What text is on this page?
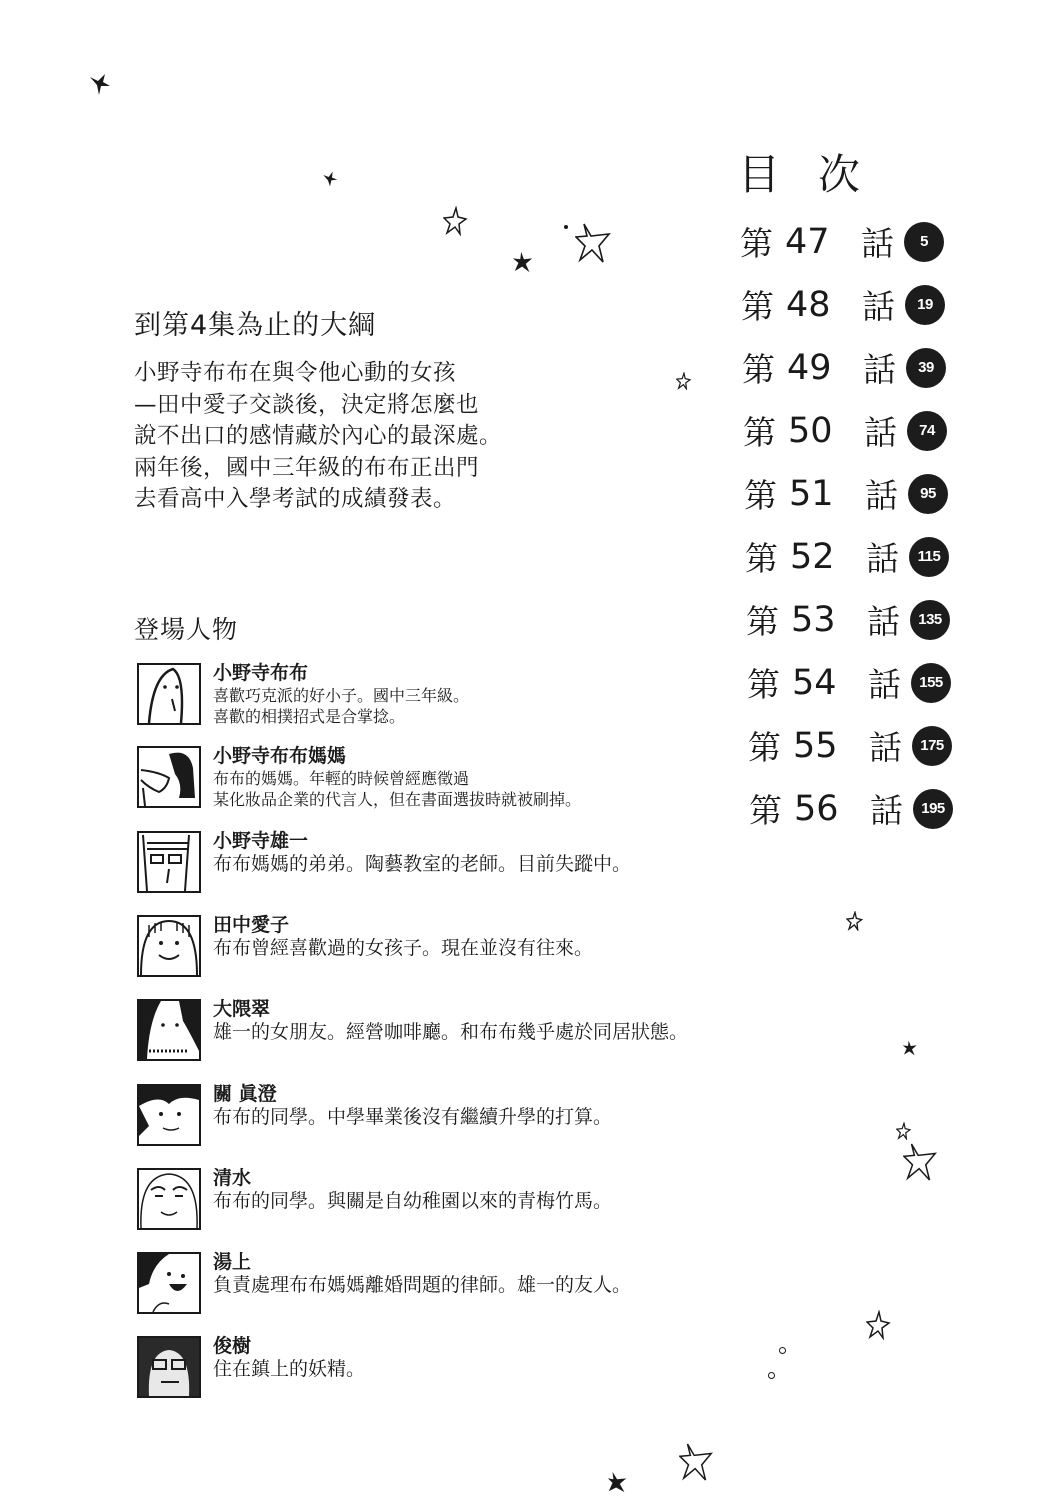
到第4集為止的大綱
小野寺布布在與令他心動的女孩
—田中愛子交談後，決定將怎麼也
說不出口的感情藏於內心的最深處。
兩年後，國中三年級的布布正出門
去看高中入學考試的成績發表。
登場人物
小野寺布布
喜歡巧克派的好小子。國中三年級。
喜歡的相撲招式是合掌捻。
小野寺布布媽媽
布布的媽媽。年輕的時候曾經應徵過
某化妝品企業的代言人，但在書面選拔時就被刷掉。
小野寺雄一
布布媽媽的弟弟。陶藝教室的老師。目前失蹤中。
田中愛子
布布曾經喜歡過的女孩子。現在並沒有往來。
大隈翠
雄一的女朋友。經營咖啡廳。和布布幾乎處於同居狀態。
關 眞澄
布布的同學。中學畢業後沒有繼續升學的打算。
清水
布布的同學。與關是自幼稚園以來的青梅竹馬。
湯上
負責處理布布媽媽離婚問題的律師。雄一的友人。
俊樹
住在鎮上的妖精。
目 次
第 47 話	5
第 48 話	19
第 49 話	39
第 50 話	74
第 51 話	95
第 52 話	115
第 53 話	135
第 54 話	155
第 55 話	175
第 56 話	195
